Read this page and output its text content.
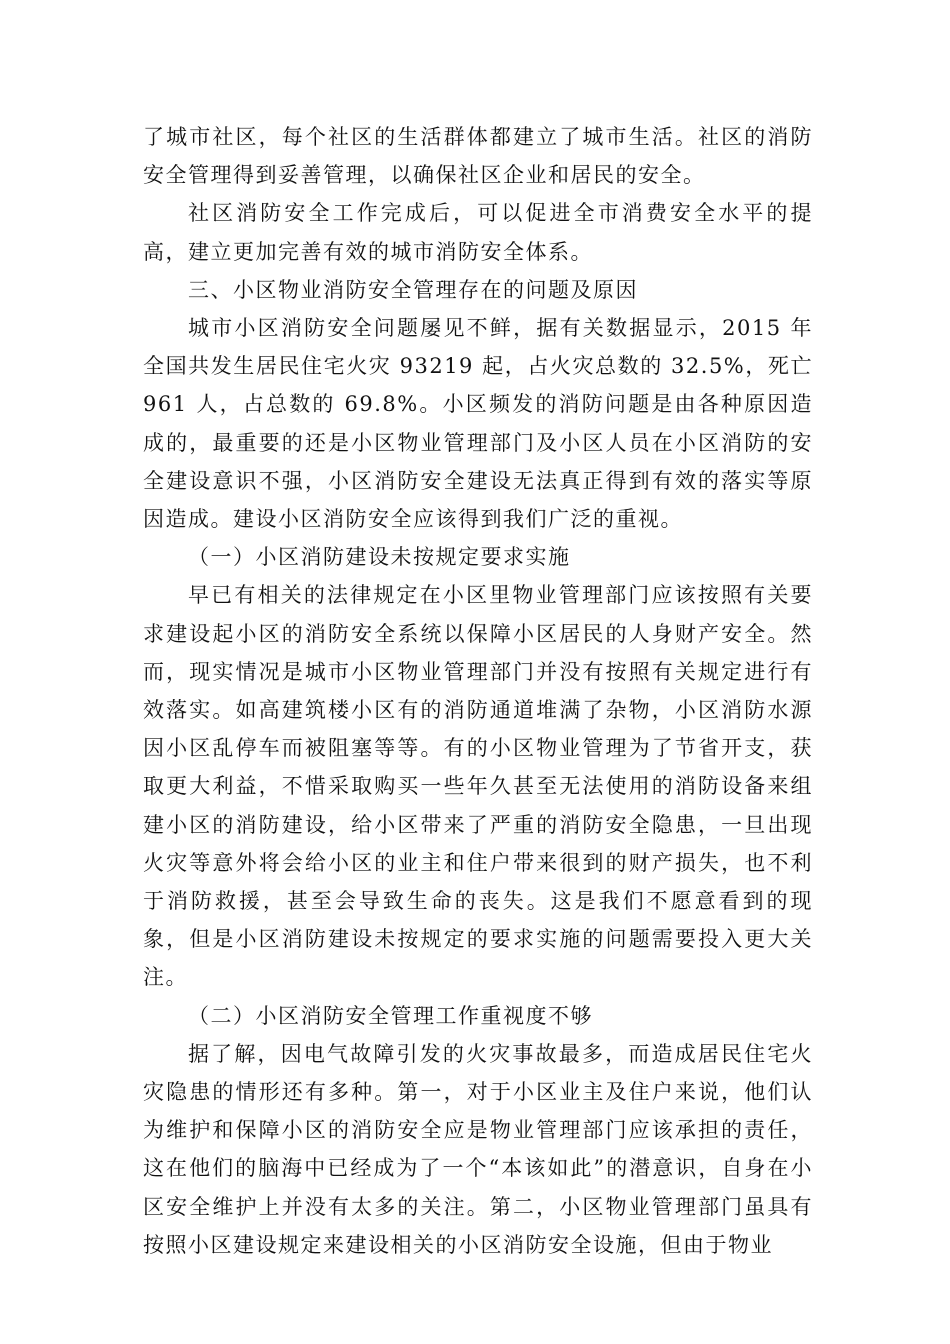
了城市社区，每个社区的生活群体都建立了城市生活。社区的消防安全管理得到妥善管理，以确保社区企业和居民的安全。

社区消防安全工作完成后，可以促进全市消费安全水平的提高，建立更加完善有效的城市消防安全体系。

三、小区物业消防安全管理存在的问题及原因

城市小区消防安全问题屡见不鲜，据有关数据显示，2015 年全国共发生居民住宅火灾 93219 起，占火灾总数的 32.5%，死亡 961 人，占总数的 69.8%。小区频发的消防问题是由各种原因造成的，最重要的还是小区物业管理部门及小区人员在小区消防的安全建设意识不强，小区消防安全建设无法真正得到有效的落实等原因造成。建设小区消防安全应该得到我们广泛的重视。

（一）小区消防建设未按规定要求实施

早已有相关的法律规定在小区里物业管理部门应该按照有关要求建设起小区的消防安全系统以保障小区居民的人身财产安全。然而，现实情况是城市小区物业管理部门并没有按照有关规定进行有效落实。如高建筑楼小区有的消防通道堆满了杂物，小区消防水源因小区乱停车而被阻塞等等。有的小区物业管理为了节省开支，获取更大利益，不惜采取购买一些年久甚至无法使用的消防设备来组建小区的消防建设，给小区带来了严重的消防安全隐患，一旦出现火灾等意外将会给小区的业主和住户带来很到的财产损失，也不利于消防救援，甚至会导致生命的丧失。这是我们不愿意看到的现象，但是小区消防建设未按规定的要求实施的问题需要投入更大关注。

（二）小区消防安全管理工作重视度不够

据了解，因电气故障引发的火灾事故最多，而造成居民住宅火灾隐患的情形还有多种。第一，对于小区业主及住户来说，他们认为维护和保障小区的消防安全应是物业管理部门应该承担的责任，这在他们的脑海中已经成为了一个“本该如此”的潜意识，自身在小区安全维护上并没有太多的关注。第二，小区物业管理部门虽具有按照小区建设规定来建设相关的小区消防安全设施，但由于物业
